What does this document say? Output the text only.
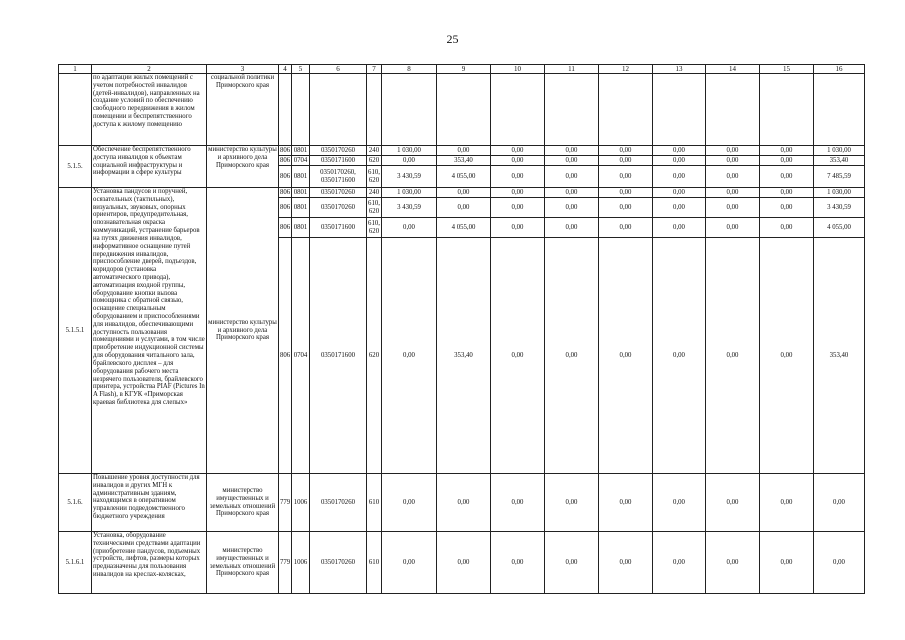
25
1	2	3	4	5	6	7	8	9	10	11	12	13	14	15	16
	по адаптации жилых помещений с учетом потребностей инвалидов (детей-инвалидов), направленных на создание условий по обеспечению свободного передвижения в жилом помещении и беспрепятственного доступа к жилому помещению	социальной политики Приморского края													
5.1.5.	Обеспечение беспрепятственного доступа инвалидов к объектам социальной инфраструктуры и информации в сфере культуры	министерство культуры и архивного дела Приморского края	806	0801	0350170260	240	1 030,00	0,00	0,00	0,00	0,00	0,00	0,00	0,00	1 030,00
			806	0704	0350171600	620	0,00	353,40	0,00	0,00	0,00	0,00	0,00	0,00	353,40
			806	0801	0350170260, 0350171600	610, 620	3 430,59	4 055,00	0,00	0,00	0,00	0,00	0,00	0,00	7 485,59
5.1.5.1	Установка пандусов и поручней, осязательных (тактильных), визуальных, звуковых, опорных ориентиров, предупредительная, опознавательная окраска коммуникаций, устранение барьеров на путях движения инвалидов, информативное оснащение путей передвижения инвалидов, приспособление дверей, подъездов, коридоров (установка автоматического привода), автоматизация входной группы, оборудование кнопки вызова помощника с обратной связью, оснащение специальным оборудованием и приспособлениями для инвалидов, обеспечивающими доступность пользования помещениями и услугами, в том числе приобретение индукционной системы для оборудования читального зала, брайлевского дисплея – для оборудования рабочего места незрячего пользователя, брайлевского принтера, устройства PIAF (Pictures In A Flash), в КГУК «Приморская краевая библиотека для слепых»	министерство культуры и архивного дела Приморского края	806	0801	0350170260	240	1 030,00	0,00	0,00	0,00	0,00	0,00	0,00	0,00	1 030,00
			806	0801	0350170260	610, 620	3 430,59	0,00	0,00	0,00	0,00	0,00	0,00	0,00	3 430,59
			806	0801	0350171600	610, 620	0,00	4 055,00	0,00	0,00	0,00	0,00	0,00	0,00	4 055,00
			806	0704	0350171600	620	0,00	353,40	0,00	0,00	0,00	0,00	0,00	0,00	353,40
5.1.6.	Повышение уровня доступности для инвалидов и других МГН к административным зданиям, находящимся в оперативном управлении подведомственного бюджетного учреждения	министерство имущественных и земельных отношений Приморского края	779	1006	0350170260	610	0,00	0,00	0,00	0,00	0,00	0,00	0,00	0,00	0,00
5.1.6.1	Установка, оборудование техническими средствами адаптации (приобретение пандусов, подъемных устройств, лифтов, размеры которых предназначены для пользования инвалидов на креслах-колясках,	министерство имущественных и земельных отношений Приморского края	779	1006	0350170260	610	0,00	0,00	0,00	0,00	0,00	0,00	0,00	0,00	0,00
